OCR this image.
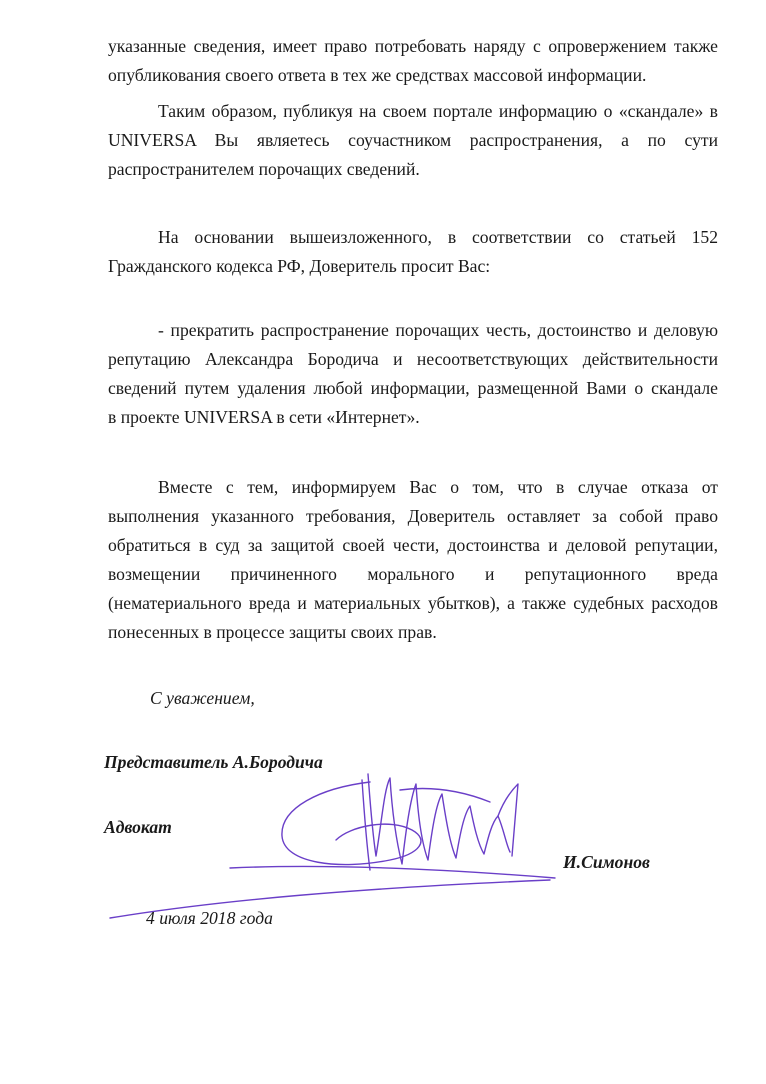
указанные сведения, имеет право потребовать наряду с опровержением также
опубликования своего ответа в тех же средствах массовой информации.
Таким образом, публикуя на своем портале информацию о «скандале» в
UNIVERSA Вы являетесь соучастником распространения, а по сути
распространителем порочащих сведений.
На основании вышеизложенного, в соответствии со статьей 152
Гражданского кодекса РФ, Доверитель просит Вас:
- прекратить распространение порочащих честь, достоинство и деловую
репутацию Александра Бородича и несоответствующих действительности
сведений путем удаления любой информации, размещенной Вами о скандале
в проекте UNIVERSA в сети «Интернет».
Вместе с тем, информируем Вас о том, что в случае отказа от
выполнения указанного требования, Доверитель оставляет за собой право
обратиться в суд за защитой своей чести, достоинства и деловой репутации,
возмещении причиненного морального и репутационного вреда
(нематериального вреда и материальных убытков), а также судебных расходов
понесенных в процессе защиты своих прав.
С уважением,
Представитель А.Бородича
Адвокат
И.Симонов
4 июля 2018 года
